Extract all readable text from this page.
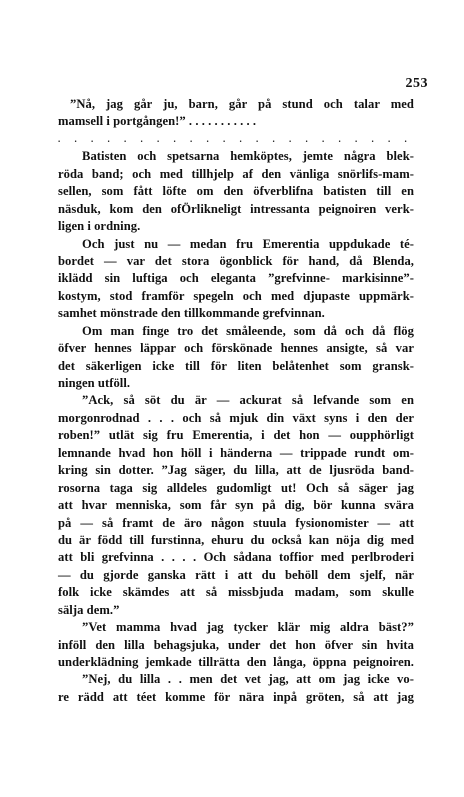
253
”Nå, jag går ju, barn, går på stund och talar med
mamsell i portgången!” . . . . . . . . . . .
. . . . . . . . . . . . . . . . . . . . . .
Batisten och spetsarna hemköptes, jemte några blek-
röda band; och med tillhjelp af den vänliga snörlifs-mam-
sellen, som fått löfte om den öfverblifna batisten till en
näsduk, kom den ofÖrlikneligt intressanta peignoiren verk-
ligen i ordning.
Och just nu — medan fru Emerentia uppdukade té-
bordet — var det stora ögonblick för hand, då Blenda,
iklädd sin luftiga och eleganta ”grefvinne- markisinne”-
kostym, stod framför spegeln och med djupaste uppmärk-
samhet mönstrade den tillkommande grefvinnan.
Om man finge tro det småleende, som då och då flög
öfver hennes läppar och förskönade hennes ansigte, så var
det säkerligen icke till för liten belåtenhet som gransk-
ningen utföll.
”Ack, så söt du är — ackurat så lefvande som en
morgonrodnad . . . och så mjuk din växt syns i den der
roben!” utlät sig fru Emerentia, i det hon — oupphörligt
lemnande hvad hon höll i händerna — trippade rundt om-
kring sin dotter. ”Jag säger, du lilla, att de ljusröda band-
rosorna taga sig alldeles gudomligt ut! Och så säger jag
att hvar menniska, som får syn på dig, bör kunna svära
på — så framt de äro någon stuula fysionomister — att
du är född till furstinna, ehuru du också kan nöja dig med
att bli grefvinna . . . . Och sådana toffior med perlbroderi
— du gjorde ganska rätt i att du behöll dem sjelf, när
folk icke skämdes att så missbjuda madam, som skulle
sälja dem.”
”Vet mamma hvad jag tycker klär mig aldra bäst?”
inföll den lilla behagsjuka, under det hon öfver sin hvita
underklädning jemkade tillrätta den långa, öppna peignoiren.
”Nej, du lilla . . men det vet jag, att om jag icke vo-
re rädd att téet komme för nära inpå gröten, så att jag
